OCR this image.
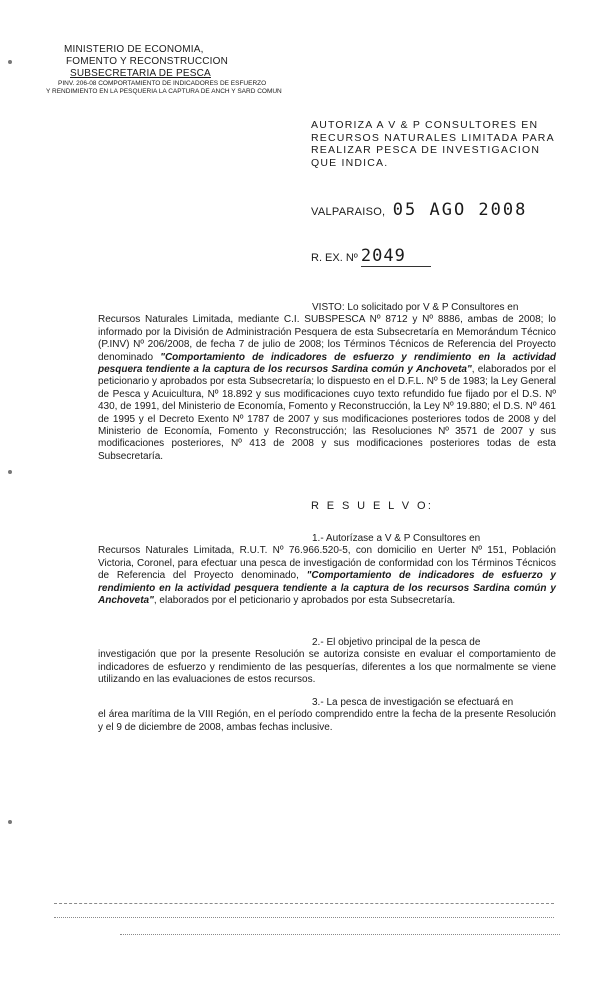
MINISTERIO DE ECONOMIA,
FOMENTO Y RECONSTRUCCION
SUBSECRETARIA DE PESCA
PINV. 206-08 COMPORTAMIENTO DE INDICADORES DE ESFUERZO
Y RENDIMIENTO EN LA PESQUERIA LA CAPTURA DE ANCH Y SARD COMUN
AUTORIZA A V & P CONSULTORES EN RECURSOS NATURALES LIMITADA PARA REALIZAR PESCA DE INVESTIGACION QUE INDICA.
VALPARAISO, 05 AGO 2008
R. EX. Nº 2049
VISTO: Lo solicitado por V & P Consultores en
Recursos Naturales Limitada, mediante C.I. SUBSPESCA Nº 8712 y Nº 8886, ambas de 2008; lo informado por la División de Administración Pesquera de esta Subsecretaría en Memorándum Técnico (P.INV) Nº 206/2008, de fecha 7 de julio de 2008; los Términos Técnicos de Referencia del Proyecto denominado "Comportamiento de indicadores de esfuerzo y rendimiento en la actividad pesquera tendiente a la captura de los recursos Sardina común y Anchoveta", elaborados por el peticionario y aprobados por esta Subsecretaría; lo dispuesto en el D.F.L. Nº 5 de 1983; la Ley General de Pesca y Acuicultura, Nº 18.892 y sus modificaciones cuyo texto refundido fue fijado por el D.S. Nº 430, de 1991, del Ministerio de Economía, Fomento y Reconstrucción, la Ley Nº 19.880; el D.S. Nº 461 de 1995 y el Decreto Exento Nº 1787 de 2007 y sus modificaciones posteriores todos de 2008 y del Ministerio de Economía, Fomento y Reconstrucción; las Resoluciones Nº 3571 de 2007 y sus modificaciones posteriores, Nº 413 de 2008 y sus modificaciones posteriores todas de esta Subsecretaría.
R E S U E L V O:
1.- Autorízase a V & P Consultores en
Recursos Naturales Limitada, R.U.T. Nº 76.966.520-5, con domicilio en Uerter Nº 151, Población Victoria, Coronel, para efectuar una pesca de investigación de conformidad con los Términos Técnicos de Referencia del Proyecto denominado, "Comportamiento de indicadores de esfuerzo y rendimiento en la actividad pesquera tendiente a la captura de los recursos Sardina común y Anchoveta", elaborados por el peticionario y aprobados por esta Subsecretaría.
2.- El objetivo principal de la pesca de
investigación que por la presente Resolución se autoriza consiste en evaluar el comportamiento de indicadores de esfuerzo y rendimiento de las pesquerías, diferentes a los que normalmente se viene utilizando en las evaluaciones de estos recursos.
3.- La pesca de investigación se efectuará en
el área marítima de la VIII Región, en el período comprendido entre la fecha de la presente Resolución y el 9 de diciembre de 2008, ambas fechas inclusive.
